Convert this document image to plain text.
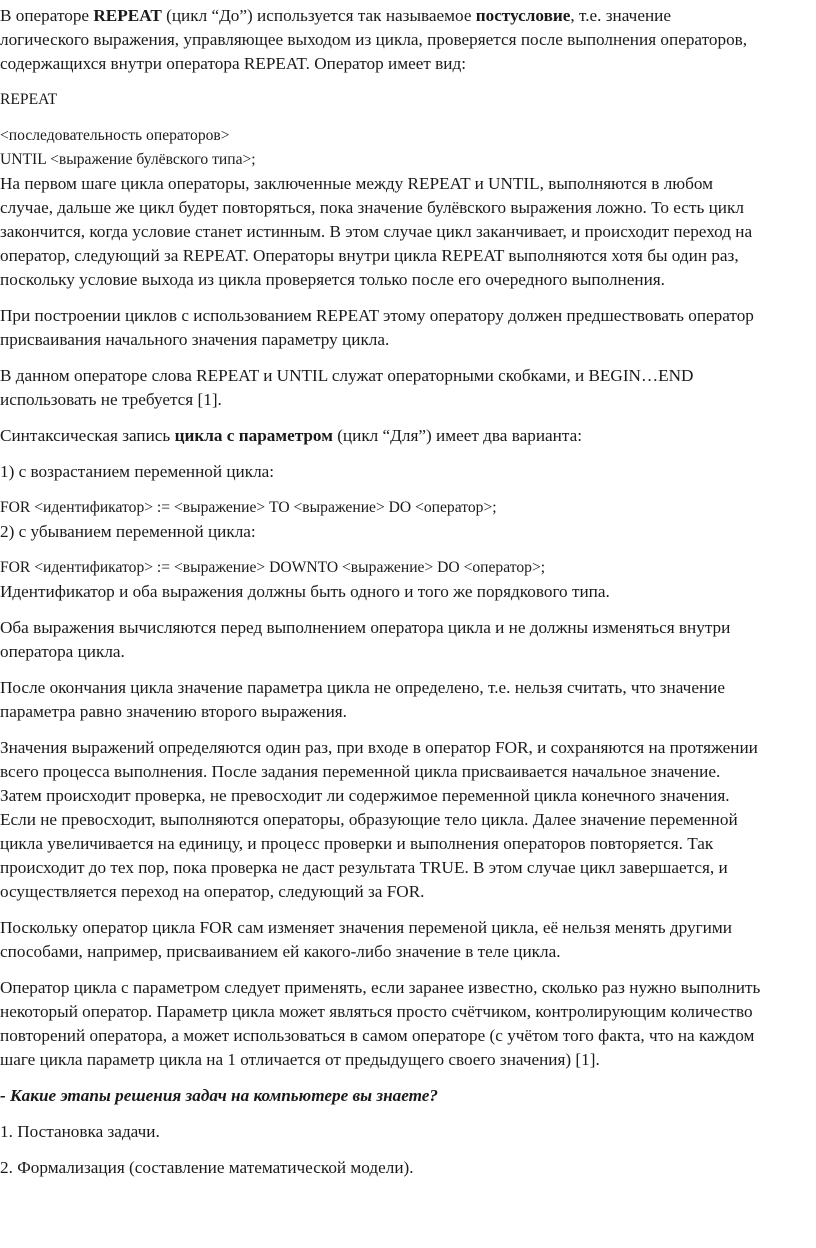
В операторе REPEAT (цикл “До”) используется так называемое постусловие, т.е. значение
логического выражения, управляющее выходом из цикла, проверяется после выполнения операторов,
содержащихся внутри оператора REPEAT. Оператор имеет вид:

REPEAT

<последовательность операторов>

UNTIL <выражение булёвского типа>;

На первом шаге цикла операторы, заключенные между REPEAT и UNTIL, выполняются в любом
случае, дальше же цикл будет повторяться, пока значение булёвского выражения ложно. То есть цикл
закончится, когда условие станет истинным. В этом случае цикл заканчивает, и происходит переход на
оператор, следующий за REPEAT. Операторы внутри цикла REPEAT выполняются хотя бы один раз,
поскольку условие выхода из цикла проверяется только после его очередного выполнения.

При построении циклов с использованием REPEAT этому оператору должен предшествовать оператор
присваивания начального значения параметру цикла.

В данном операторе слова REPEAT и UNTIL служат операторными скобками, и BEGIN…END
использовать не требуется [1].

Синтаксическая запись цикла с параметром (цикл “Для”) имеет два варианта:

1) с возрастанием переменной цикла:

FOR <идентификатор> := <выражение> TO <выражение> DO <оператор>;

2) с убыванием переменной цикла:

FOR <идентификатор> := <выражение> DOWNTO <выражение> DO <оператор>;

Идентификатор и оба выражения должны быть одного и того же порядкового типа.

Оба выражения вычисляются перед выполнением оператора цикла и не должны изменяться внутри
оператора цикла.

После окончания цикла значение параметра цикла не определено, т.е. нельзя считать, что значение
параметра равно значению второго выражения.

Значения выражений определяются один раз, при входе в оператор FOR, и сохраняются на протяжении
всего процесса выполнения. После задания переменной цикла присваивается начальное значение.
Затем происходит проверка, не превосходит ли содержимое переменной цикла конечного значения.
Если не превосходит, выполняются операторы, образующие тело цикла. Далее значение переменной
цикла увеличивается на единицу, и процесс проверки и выполнения операторов повторяется. Так
происходит до тех пор, пока проверка не даст результата TRUE. В этом случае цикл завершается, и
осуществляется переход на оператор, следующий за FOR.

Поскольку оператор цикла FOR сам изменяет значения переменой цикла, её нельзя менять другими
способами, например, присваиванием ей какого-либо значение в теле цикла.

Оператор цикла с параметром следует применять, если заранее известно, сколько раз нужно выполнить
некоторый оператор. Параметр цикла может являться просто счётчиком, контролирующим количество
повторений оператора, а может использоваться в самом операторе (с учётом того факта, что на каждом
шаге цикла параметр цикла на 1 отличается от предыдущего своего значения) [1].

- Какие этапы решения задач на компьютере вы знаете?

1. Постановка задачи.

2. Формализация (составление математической модели).
